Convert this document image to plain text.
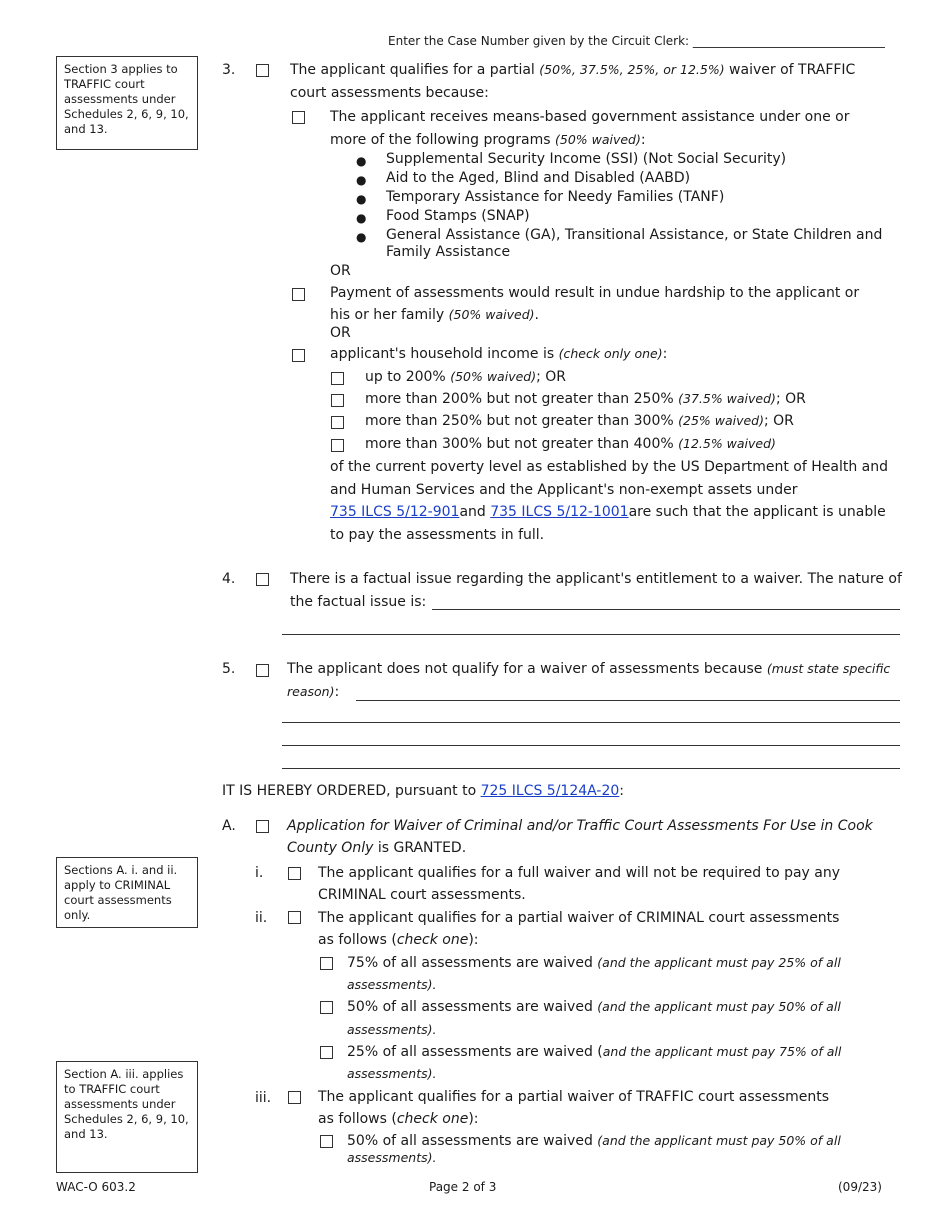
Enter the Case Number given by the Circuit Clerk: ________________________________
Section 3 applies to
TRAFFIC court
assessments under
Schedules 2, 6, 9, 10,
and 13.
Sections A. i. and ii.
apply to CRIMINAL
court assessments
only.
Section A. iii. applies
to TRAFFIC court
assessments under
Schedules 2, 6, 9, 10,
and 13.
3.	The applicant qualifies for a partial (50%, 37.5%, 25%, or 12.5%) waiver of TRAFFIC
court assessments because:
The applicant receives means-based government assistance under one or
more of the following programs (50% waived):
● Supplemental Security Income (SSI) (Not Social Security)
● Aid to the Aged, Blind and Disabled (AABD)
● Temporary Assistance for Needy Families (TANF)
● Food Stamps (SNAP)
● General Assistance (GA), Transitional Assistance, or State Children and
Family Assistance
OR
Payment of assessments would result in undue hardship to the applicant or
his or her family (50% waived).
OR
applicant's household income is (check only one):
up to 200% (50% waived); OR
more than 200% but not greater than 250% (37.5% waived); OR
more than 250% but not greater than 300% (25% waived); OR
more than 300% but not greater than 400% (12.5% waived)
of the current poverty level as established by the US Department of Health and
and Human Services and the Applicant's non-exempt assets under
735 ILCS 5/12-901and 735 ILCS 5/12-1001are such that the applicant is unable
to pay the assessments in full.
4.	There is a factual issue regarding the applicant's entitlement to a waiver. The nature of
the factual issue is:
5.	The applicant does not qualify for a waiver of assessments because (must state specific
reason):
IT IS HEREBY ORDERED, pursuant to 725 ILCS 5/124A-20:
A.	Application for Waiver of Criminal and/or Traffic Court Assessments For Use in Cook
County Only is GRANTED.
i.	The applicant qualifies for a full waiver and will not be required to pay any
CRIMINAL court assessments.
ii.	The applicant qualifies for a partial waiver of CRIMINAL court assessments
as follows (check one):
75% of all assessments are waived (and the applicant must pay 25% of all
assessments).
50% of all assessments are waived (and the applicant must pay 50% of all
assessments).
25% of all assessments are waived (and the applicant must pay 75% of all
assessments).
iii.	The applicant qualifies for a partial waiver of TRAFFIC court assessments
as follows (check one):
50% of all assessments are waived (and the applicant must pay 50% of all
assessments).
WAC-O 603.2	Page 2 of 3	(09/23)
